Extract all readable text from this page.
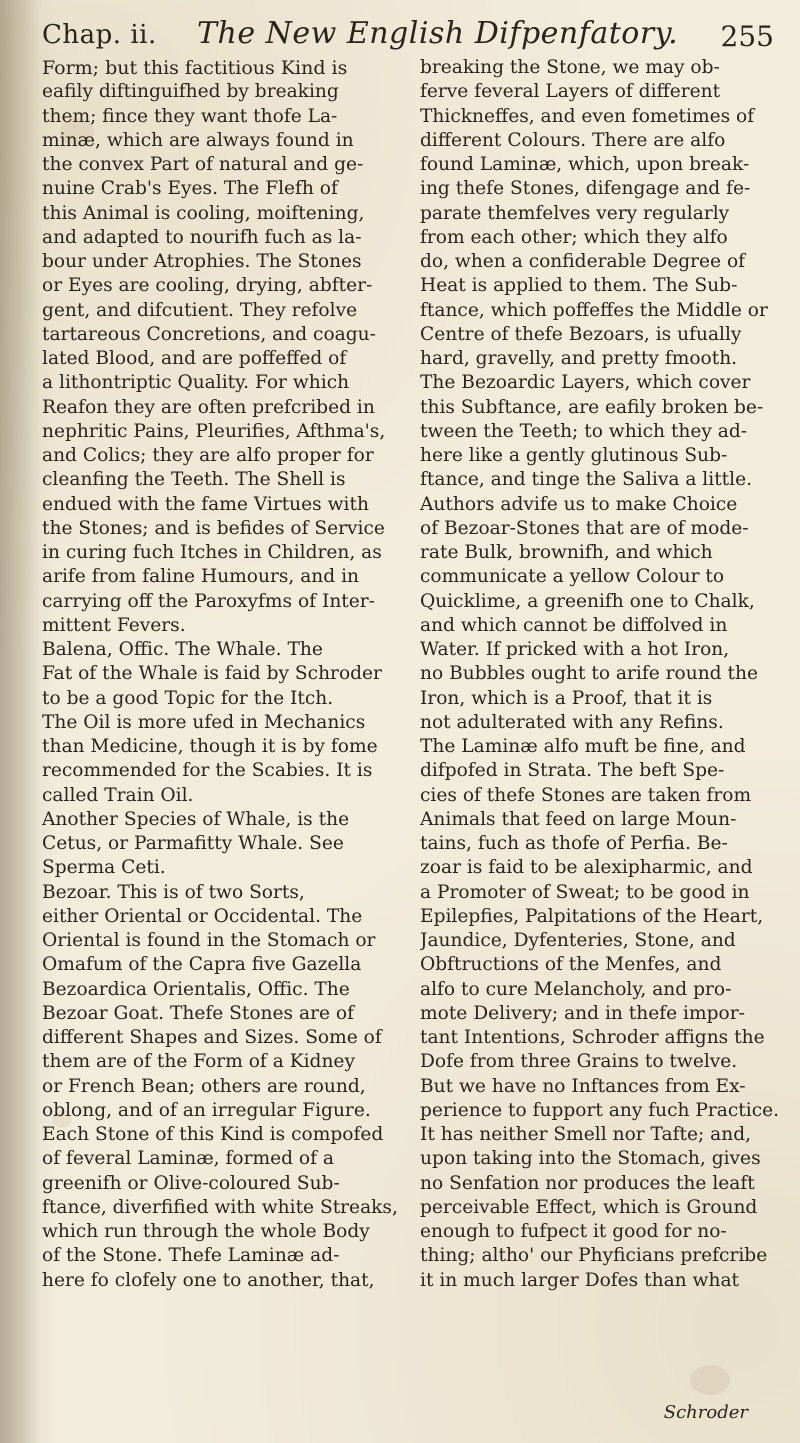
Chap. ii. The New English Difpenfatory. 255
Form; but this factitious Kind is
eafily diftinguifhed by breaking
them; fince they want thofe La-
minæ, which are always found in
the convex Part of natural and ge-
nuine Crab's Eyes. The Flefh of
this Animal is cooling, moiftening,
and adapted to nourifh fuch as la-
bour under Atrophies. The Stones
or Eyes are cooling, drying, abfter-
gent, and difcutient. They refolve
tartareous Concretions, and coagu-
lated Blood, and are poffeffed of
a lithontriptic Quality. For which
Reafon they are often prefcribed in
nephritic Pains, Pleurifies, Afthma's,
and Colics; they are alfo proper for
cleanfing the Teeth. The Shell is
endued with the fame Virtues with
the Stones; and is befides of Service
in curing fuch Itches in Children, as
arife from faline Humours, and in
carrying off the Paroxyfms of Inter-
mittent Fevers.
Balena, Offic. The Whale. The
Fat of the Whale is faid by Schroder
to be a good Topic for the Itch.
The Oil is more ufed in Mechanics
than Medicine, though it is by fome
recommended for the Scabies. It is
called Train Oil.
Another Species of Whale, is the
Cetus, or Parmafitty Whale. See
Sperma Ceti.
Bezoar. This is of two Sorts,
either Oriental or Occidental. The
Oriental is found in the Stomach or
Omafum of the Capra five Gazella
Bezoardica Orientalis, Offic. The
Bezoar Goat. Thefe Stones are of
different Shapes and Sizes. Some of
them are of the Form of a Kidney
or French Bean; others are round,
oblong, and of an irregular Figure.
Each Stone of this Kind is compofed
of feveral Laminæ, formed of a
greenifh or Olive-coloured Sub-
ftance, diverfified with white Streaks,
which run through the whole Body
of the Stone. Thefe Laminæ ad-
here fo clofely one to another, that,
breaking the Stone, we may ob-
ferve feveral Layers of different
Thickneffes, and even fometimes of
different Colours. There are alfo
found Laminæ, which, upon break-
ing thefe Stones, difengage and fe-
parate themfelves very regularly
from each other; which they alfo
do, when a confiderable Degree of
Heat is applied to them. The Sub-
ftance, which poffeffes the Middle or
Centre of thefe Bezoars, is ufually
hard, gravelly, and pretty fmooth.
The Bezoardic Layers, which cover
this Subftance, are eafily broken be-
tween the Teeth; to which they ad-
here like a gently glutinous Sub-
ftance, and tinge the Saliva a little.
Authors advife us to make Choice
of Bezoar-Stones that are of mode-
rate Bulk, brownifh, and which
communicate a yellow Colour to
Quicklime, a greenifh one to Chalk,
and which cannot be diffolved in
Water. If pricked with a hot Iron,
no Bubbles ought to arife round the
Iron, which is a Proof, that it is
not adulterated with any Refins.
The Laminæ alfo muft be fine, and
difpofed in Strata. The beft Spe-
cies of thefe Stones are taken from
Animals that feed on large Moun-
tains, fuch as thofe of Perfia. Be-
zoar is faid to be alexipharmic, and
a Promoter of Sweat; to be good in
Epilepfies, Palpitations of the Heart,
Jaundice, Dyfenteries, Stone, and
Obftructions of the Menfes, and
alfo to cure Melancholy, and pro-
mote Delivery; and in thefe impor-
tant Intentions, Schroder affigns the
Dofe from three Grains to twelve.
But we have no Inftances from Ex-
perience to fupport any fuch Practice.
It has neither Smell nor Tafte; and,
upon taking into the Stomach, gives
no Senfation nor produces the leaft
perceivable Effect, which is Ground
enough to fufpect it good for no-
thing; altho' our Phyficians prefcribe
it in much larger Dofes than what
Schroder
